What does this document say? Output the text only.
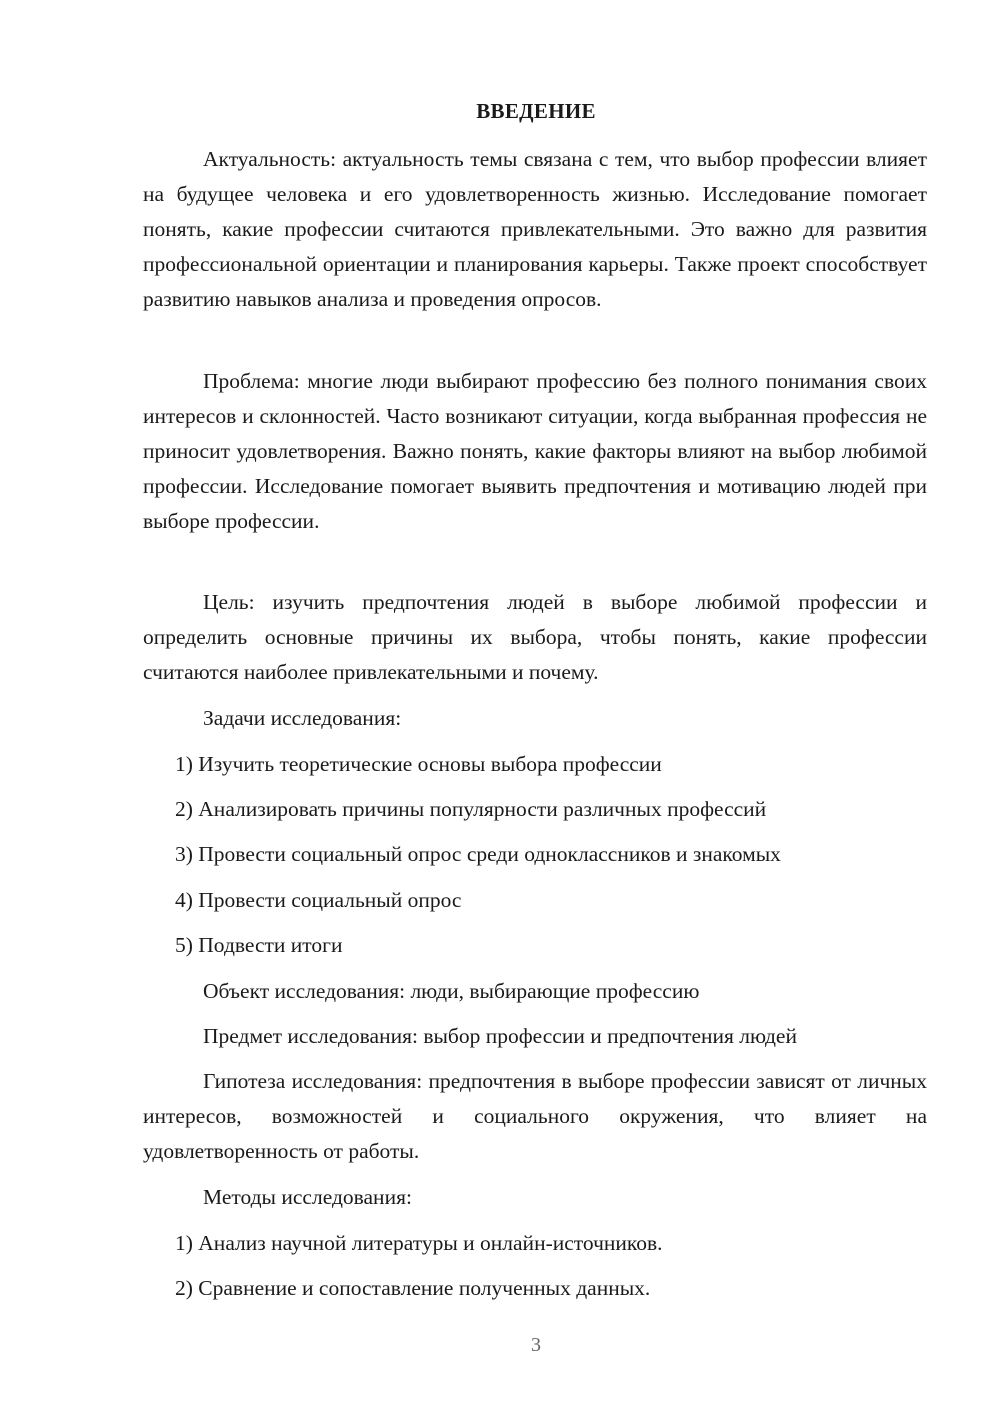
ВВЕДЕНИЕ

Актуальность: актуальность темы связана с тем, что выбор профессии влияет на будущее человека и его удовлетворенность жизнью. Исследование помогает понять, какие профессии считаются привлекательными. Это важно для развития профессиональной ориентации и планирования карьеры. Также проект способствует развитию навыков анализа и проведения опросов.

Проблема: многие люди выбирают профессию без полного понимания своих интересов и склонностей. Часто возникают ситуации, когда выбранная профессия не приносит удовлетворения. Важно понять, какие факторы влияют на выбор любимой профессии. Исследование помогает выявить предпочтения и мотивацию людей при выборе профессии.

Цель: изучить предпочтения людей в выборе любимой профессии и определить основные причины их выбора, чтобы понять, какие профессии считаются наиболее привлекательными и почему.

Задачи исследования:

1) Изучить теоретические основы выбора профессии

2) Анализировать причины популярности различных профессий

3) Провести социальный опрос среди одноклассников и знакомых

4) Провести социальный опрос

5) Подвести итоги

Объект исследования: люди, выбирающие профессию

Предмет исследования: выбор профессии и предпочтения людей

Гипотеза исследования: предпочтения в выборе профессии зависят от личных интересов, возможностей и социального окружения, что влияет на удовлетворенность от работы.

Методы исследования:

1) Анализ научной литературы и онлайн-источников.

2) Сравнение и сопоставление полученных данных.

3
